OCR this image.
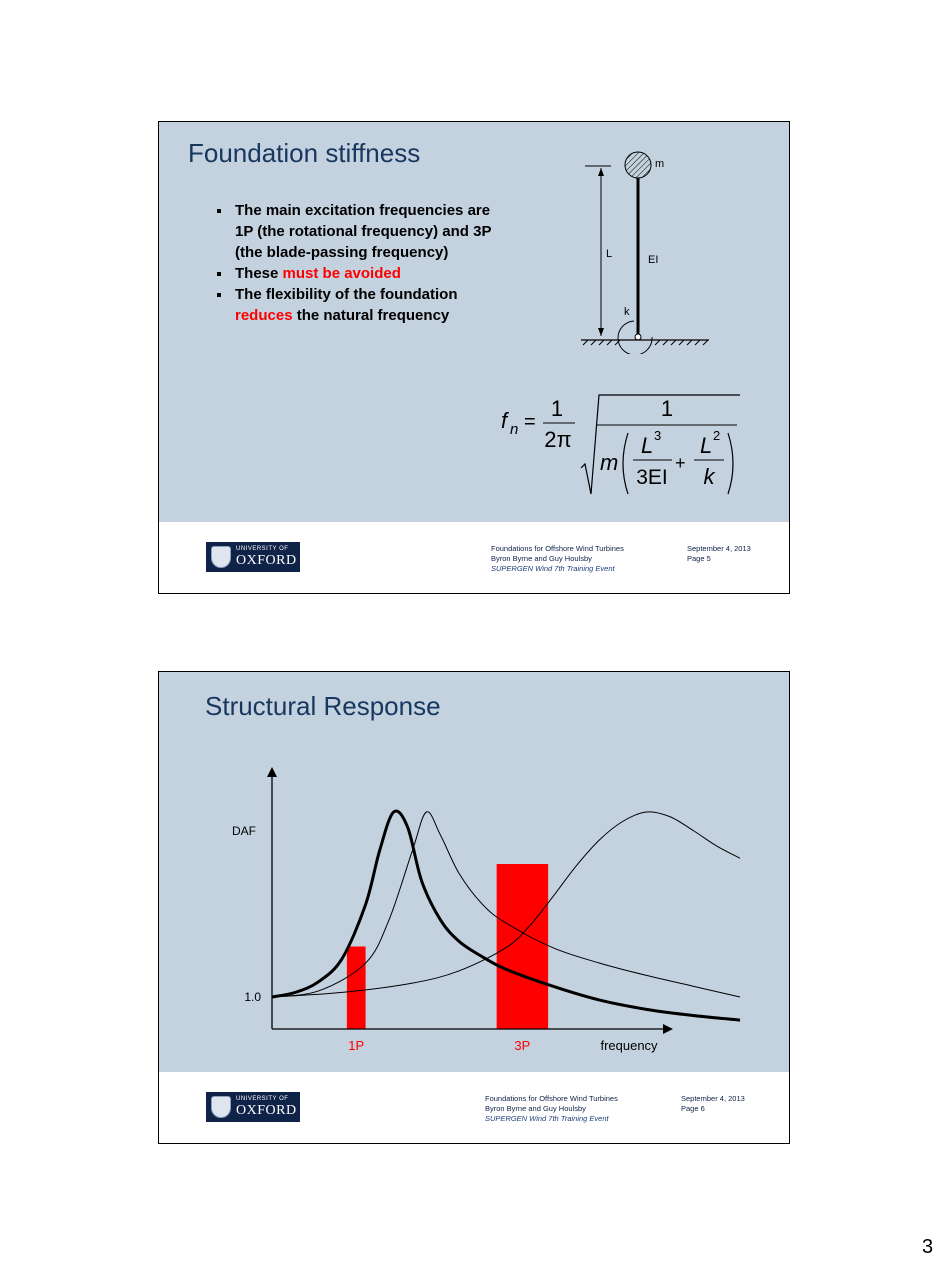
Foundation stiffness
The main excitation frequencies are 1P (the rotational frequency) and 3P (the blade-passing frequency)
These must be avoided
The flexibility of the foundation reduces the natural frequency
L
m
EI
k
f n =
1
2π
1
m
L 3
3EI
+
L 2
k
UNIVERSITY OF
OXFORD
Foundations for Offshore Wind Turbines
Byron Byrne and Guy Houlsby
SUPERGEN Wind 7th Training Event
September 4, 2013
Page 5
Structural Response
DAF
1.0
frequency
1P	3P
UNIVERSITY OF
OXFORD
Foundations for Offshore Wind Turbines
Byron Byrne and Guy Houlsby
SUPERGEN Wind 7th Training Event
September 4, 2013
Page 6
3
